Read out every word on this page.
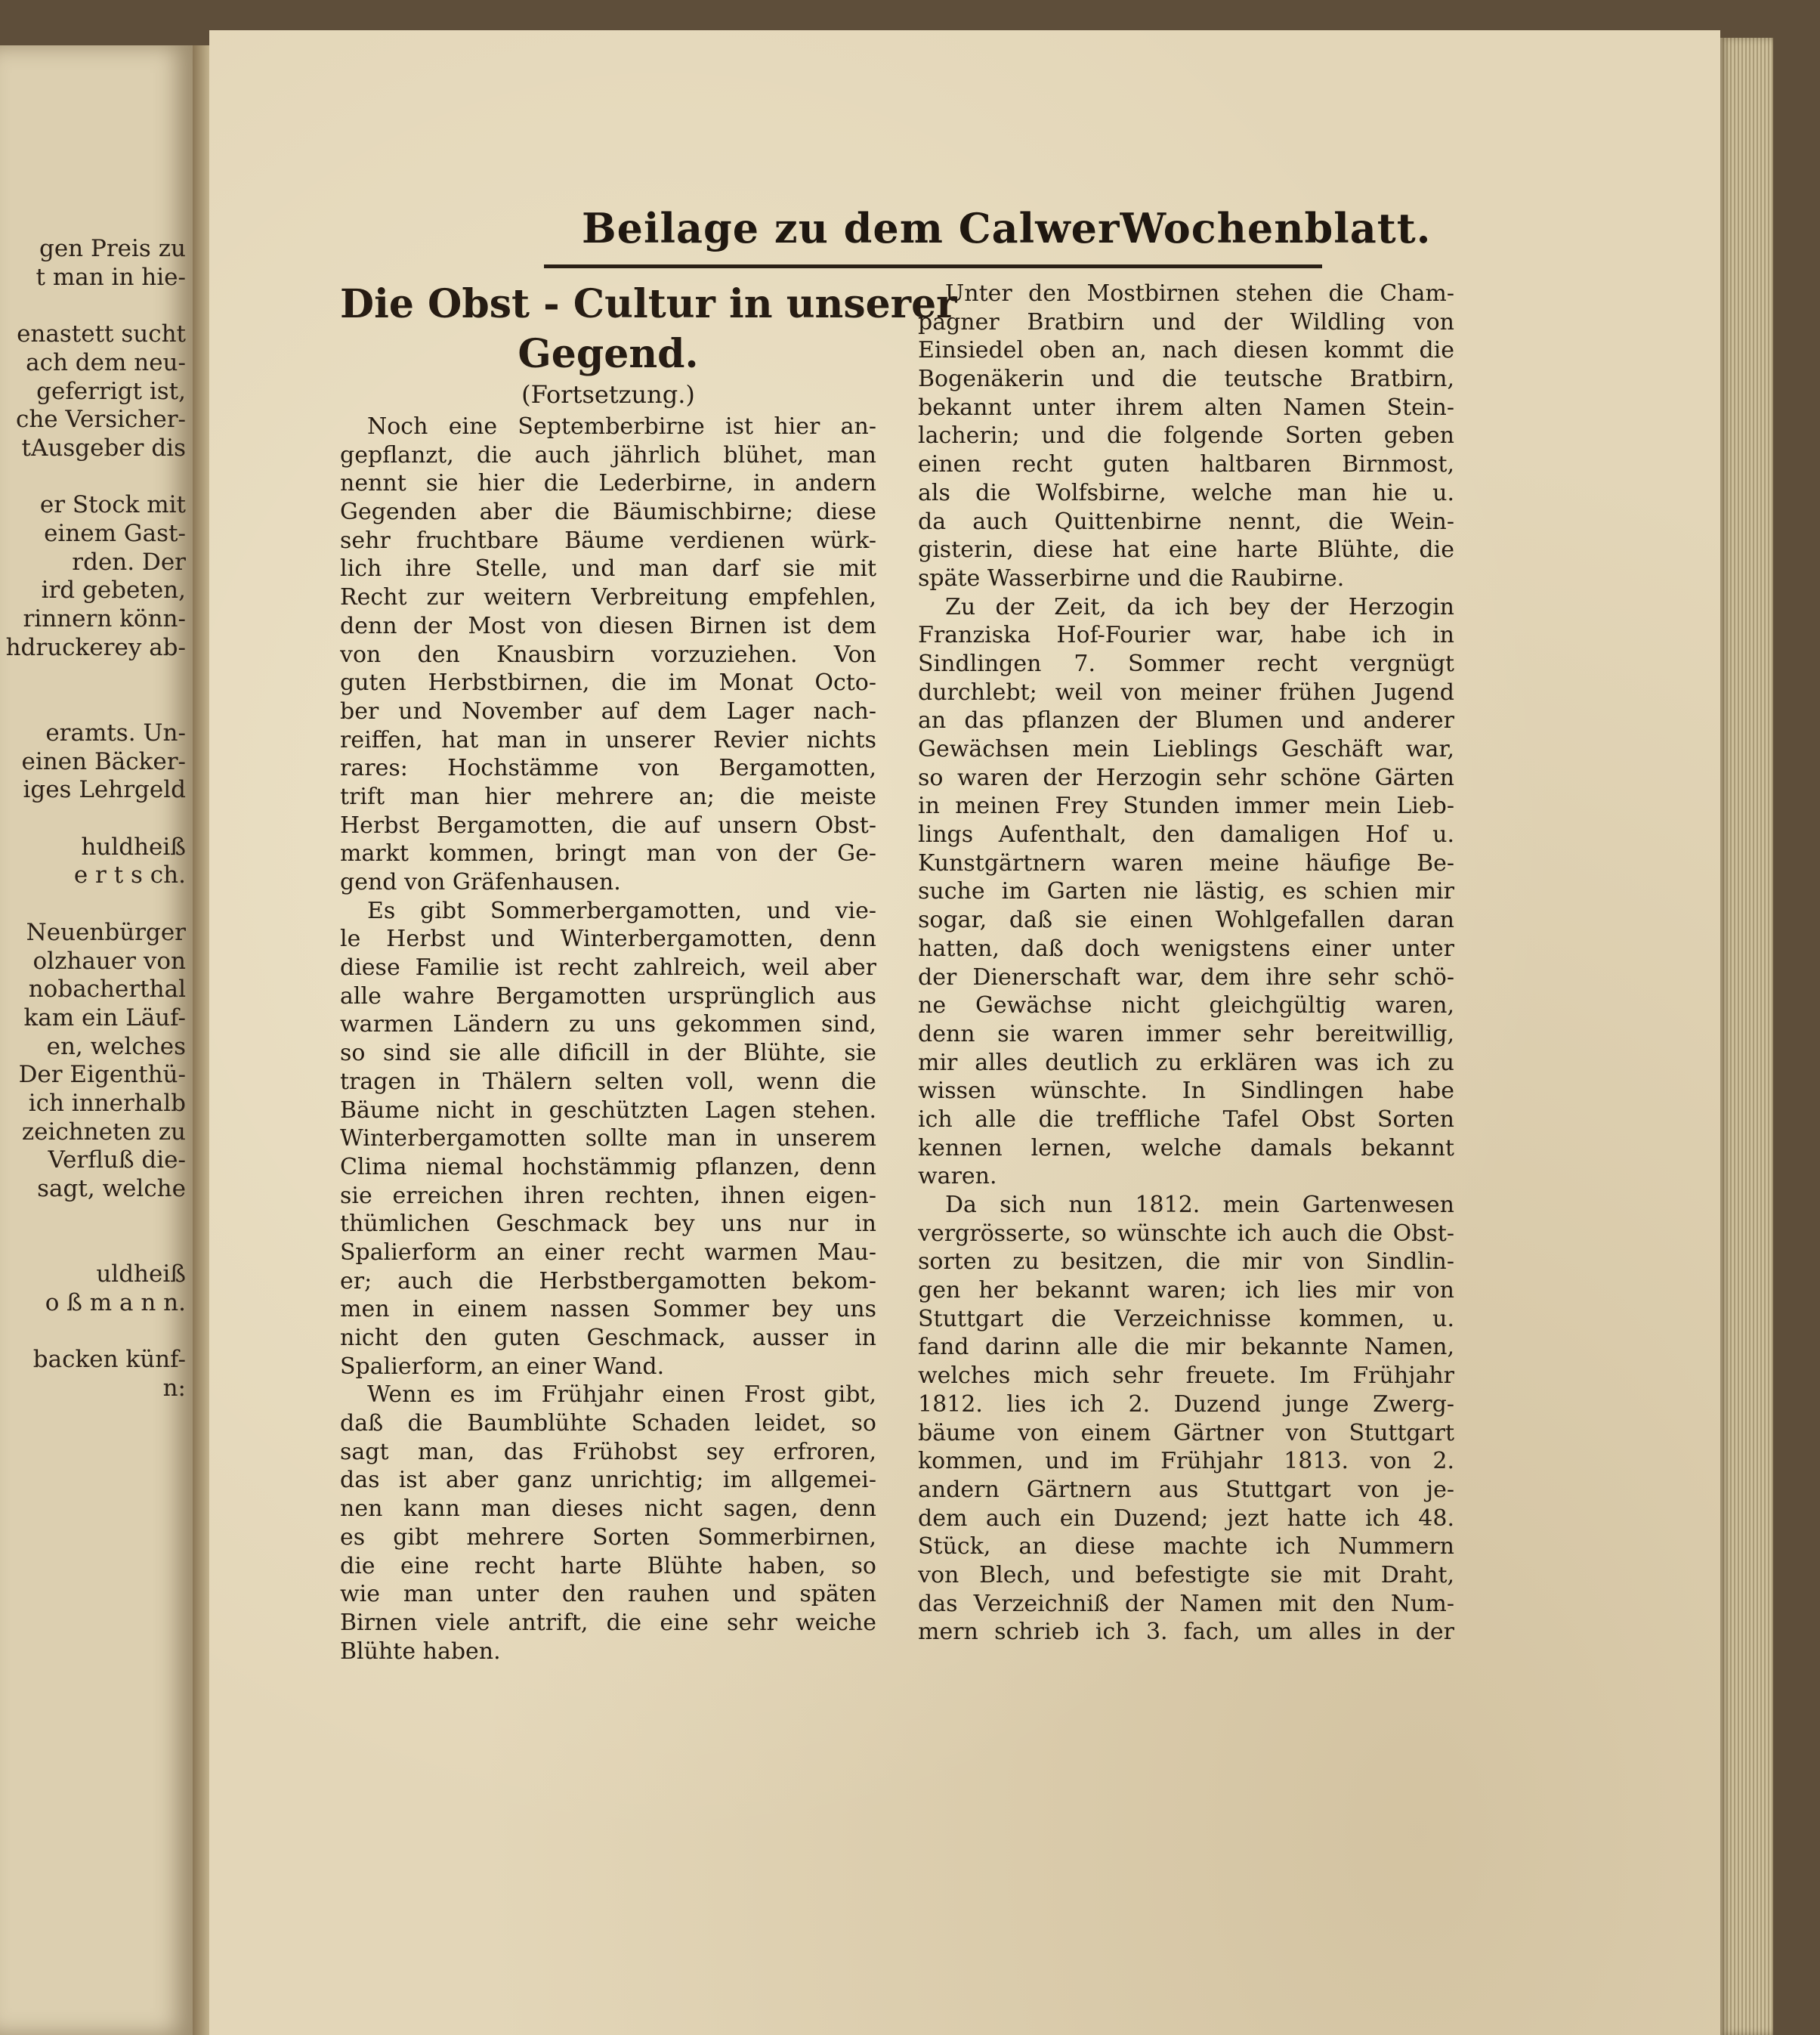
gen Preis zu
t man in hie-
enastett sucht
ach dem neu-
geferrigt ist,
che Versicher-
tAusgeber dis
er Stock mit
einem Gast-
rden. Der
ird gebeten,
rinnern könn-
hdruckerey ab-
eramts. Un-
einen Bäcker-
iges Lehrgeld
huldheiß
e r t s ch.
Neuenbürger
olzhauer von
nobacherthal
kam ein Läuf-
en, welches
Der Eigenthü-
ich innerhalb
zeichneten zu
Verfluß die-
sagt, welche
uldheiß
o ß m a n n.
backen künf-
n:
Beilage zu dem CalwerWochenblatt.
Die Obst - Cultur in unserer
Gegend.
(Fortsetzung.)
Noch eine Septemberbirne ist hier an-
gepflanzt, die auch jährlich blühet, man
nennt sie hier die Lederbirne, in andern
Gegenden aber die Bäumischbirne; diese
sehr fruchtbare Bäume verdienen würk-
lich ihre Stelle, und man darf sie mit
Recht zur weitern Verbreitung empfehlen,
denn der Most von diesen Birnen ist dem
von den Knausbirn vorzuziehen. Von
guten Herbstbirnen, die im Monat Octo-
ber und November auf dem Lager nach-
reiffen, hat man in unserer Revier nichts
rares: Hochstämme von Bergamotten,
trift man hier mehrere an; die meiste
Herbst Bergamotten, die auf unsern Obst-
markt kommen, bringt man von der Ge-
gend von Gräfenhausen.
Es gibt Sommerbergamotten, und vie-
le Herbst und Winterbergamotten, denn
diese Familie ist recht zahlreich, weil aber
alle wahre Bergamotten ursprünglich aus
warmen Ländern zu uns gekommen sind,
so sind sie alle dificill in der Blühte, sie
tragen in Thälern selten voll, wenn die
Bäume nicht in geschützten Lagen stehen.
Winterbergamotten sollte man in unserem
Clima niemal hochstämmig pflanzen, denn
sie erreichen ihren rechten, ihnen eigen-
thümlichen Geschmack bey uns nur in
Spalierform an einer recht warmen Mau-
er; auch die Herbstbergamotten bekom-
men in einem nassen Sommer bey uns
nicht den guten Geschmack, ausser in
Spalierform, an einer Wand.
Wenn es im Frühjahr einen Frost gibt,
daß die Baumblühte Schaden leidet, so
sagt man, das Frühobst sey erfroren,
das ist aber ganz unrichtig; im allgemei-
nen kann man dieses nicht sagen, denn
es gibt mehrere Sorten Sommerbirnen,
die eine recht harte Blühte haben, so
wie man unter den rauhen und späten
Birnen viele antrift, die eine sehr weiche
Blühte haben.
Unter den Mostbirnen stehen die Cham-
pagner Bratbirn und der Wildling von
Einsiedel oben an, nach diesen kommt die
Bogenäkerin und die teutsche Bratbirn,
bekannt unter ihrem alten Namen Stein-
lacherin; und die folgende Sorten geben
einen recht guten haltbaren Birnmost,
als die Wolfsbirne, welche man hie u.
da auch Quittenbirne nennt, die Wein-
gisterin, diese hat eine harte Blühte, die
späte Wasserbirne und die Raubirne.
Zu der Zeit, da ich bey der Herzogin
Franziska Hof-Fourier war, habe ich in
Sindlingen 7. Sommer recht vergnügt
durchlebt; weil von meiner frühen Jugend
an das pflanzen der Blumen und anderer
Gewächsen mein Lieblings Geschäft war,
so waren der Herzogin sehr schöne Gärten
in meinen Frey Stunden immer mein Lieb-
lings Aufenthalt, den damaligen Hof u.
Kunstgärtnern waren meine häufige Be-
suche im Garten nie lästig, es schien mir
sogar, daß sie einen Wohlgefallen daran
hatten, daß doch wenigstens einer unter
der Dienerschaft war, dem ihre sehr schö-
ne Gewächse nicht gleichgültig waren,
denn sie waren immer sehr bereitwillig,
mir alles deutlich zu erklären was ich zu
wissen wünschte. In Sindlingen habe
ich alle die treffliche Tafel Obst Sorten
kennen lernen, welche damals bekannt
waren.
Da sich nun 1812. mein Gartenwesen
vergrösserte, so wünschte ich auch die Obst-
sorten zu besitzen, die mir von Sindlin-
gen her bekannt waren; ich lies mir von
Stuttgart die Verzeichnisse kommen, u.
fand darinn alle die mir bekannte Namen,
welches mich sehr freuete. Im Frühjahr
1812. lies ich 2. Duzend junge Zwerg-
bäume von einem Gärtner von Stuttgart
kommen, und im Frühjahr 1813. von 2.
andern Gärtnern aus Stuttgart von je-
dem auch ein Duzend; jezt hatte ich 48.
Stück, an diese machte ich Nummern
von Blech, und befestigte sie mit Draht,
das Verzeichniß der Namen mit den Num-
mern schrieb ich 3. fach, um alles in der
